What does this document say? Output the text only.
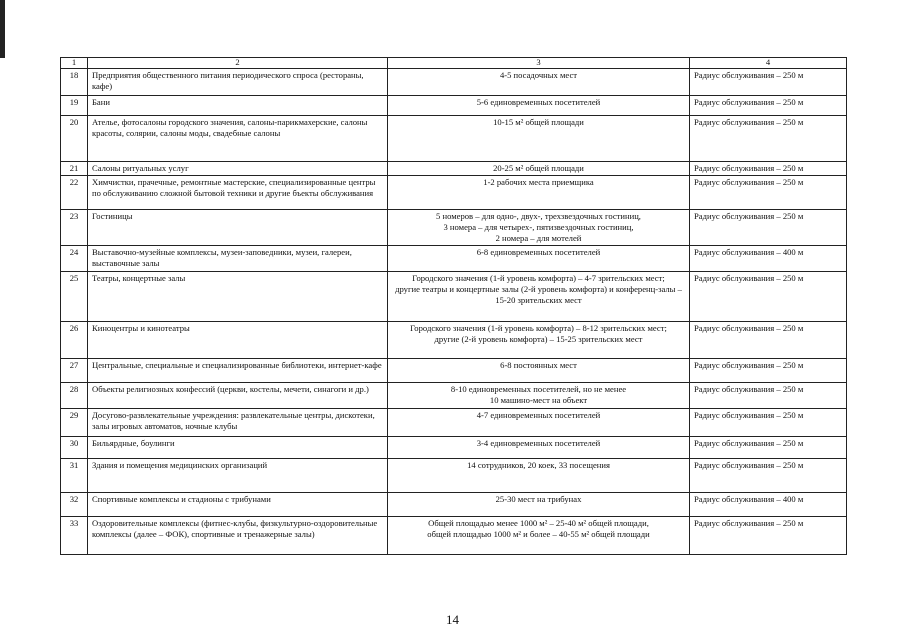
1	2	3	4
18	Предприятия общественного питания периодического спроса (рестораны, кафе)	4-5 посадочных мест	Радиус обслуживания – 250 м
19	Бани	5-6 единовременных посетителей	Радиус обслуживания – 250 м
20	Ателье, фотосалоны городского значения, салоны-парикмахерские, салоны красоты, солярии, салоны моды, свадебные салоны	10-15 м² общей площади	Радиус обслуживания – 250 м
21	Салоны ритуальных услуг	20-25 м² общей площади	Радиус обслуживания – 250 м
22	Химчистки, прачечные, ремонтные мастерские, специализированные центры по обслуживанию сложной бытовой техники и другие бъекты обслуживания	1-2 рабочих места приемщика	Радиус обслуживания – 250 м
23	Гостиницы	5 номеров – для одно-, двух-, трехзвездочных гостиниц,
3 номера – для четырех-, пятизвездочных гостиниц,
2 номера – для мотелей	Радиус обслуживания – 250 м
24	Выставочно-музейные комплексы, музеи-заповедники, музеи, галереи, выставочные залы	6-8 единовременных посетителей	Радиус обслуживания – 400 м
25	Театры, концертные залы	Городского значения (1-й уровень комфорта) – 4-7 зрительских мест;
другие театры и концертные залы (2-й уровень комфорта) и конференц-залы – 15-20 зрительских мест	Радиус обслуживания – 250 м
26	Киноцентры и кинотеатры	Городского значения (1-й уровень комфорта) – 8-12 зрительских мест;
другие (2-й уровень комфорта) – 15-25 зрительских мест	Радиус обслуживания – 250 м
27	Центральные, специальные и специализированные библиотеки, интернет-кафе	6-8 постоянных мест	Радиус обслуживания – 250 м
28	Объекты религиозных конфессий (церкви, костелы, мечети, синагоги и др.)	8-10 единовременных посетителей, но не менее
10 машино-мест на объект	Радиус обслуживания – 250 м
29	Досугово-развлекательные учреждения: развлекательные центры, дискотеки, залы игровых автоматов, ночные клубы	4-7 единовременных посетителей	Радиус обслуживания – 250 м
30	Бильярдные, боулинги	3-4 единовременных посетителей	Радиус обслуживания – 250 м
31	Здания и помещения медицинских организаций	14 сотрудников, 20 коек, 33 посещения	Радиус обслуживания – 250 м
32	Спортивные комплексы и стадионы с трибунами	25-30 мест на трибунах	Радиус обслуживания – 400 м
33	Оздоровительные комплексы (фитнес-клубы, физкультурно-оздоровительные комплексы (далее – ФОК), спортивные и тренажерные залы)	Общей площадью менее 1000 м² – 25-40 м² общей площади,
общей площадью 1000 м² и более – 40-55 м² общей площади	Радиус обслуживания – 250 м
14
